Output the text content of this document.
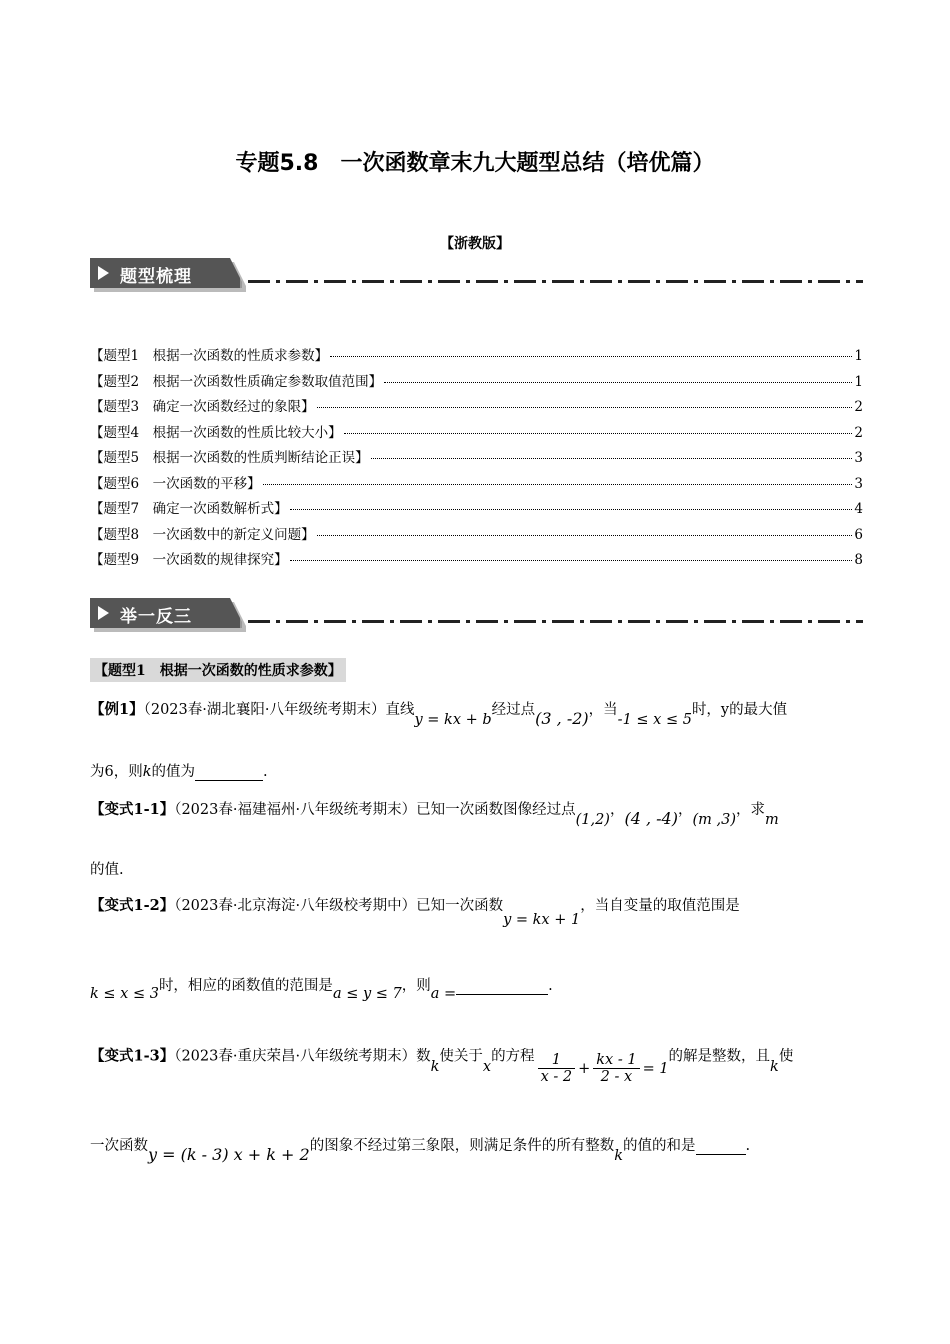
专题5.8　一次函数章末九大题型总结（培优篇）
【浙教版】
题型梳理
【题型1　根据一次函数的性质求参数】	1
【题型2　根据一次函数性质确定参数取值范围】	1
【题型3　确定一次函数经过的象限】	2
【题型4　根据一次函数的性质比较大小】	2
【题型5　根据一次函数的性质判断结论正误】	3
【题型6　一次函数的平移】	3
【题型7　确定一次函数解析式】	4
【题型8　一次函数中的新定义问题】	6
【题型9　一次函数的规律探究】	8
举一反三
【题型1　根据一次函数的性质求参数】
【例1】（2023春·湖北襄阳·八年级统考期末）直线y = kx + b经过点(3 , -2)，当-1 ≤ x ≤ 5时，y的最大值
为6，则k的值为	.
【变式1-1】（2023春·福建福州·八年级统考期末）已知一次函数图像经过点(1,2)，(4 , -4)，(m ,3)，求m
的值.
【变式1-2】（2023春·北京海淀·八年级校考期中）已知一次函数y = kx + 1，当自变量的取值范围是
k ≤ x ≤ 3时，相应的函数值的范围是a ≤ y ≤ 7，则a =	.
【变式1-3】（2023春·重庆荣昌·八年级统考期末）数k使关于x的方程 $\frac{1}{x - 2} + \frac{kx - 1}{2 - x} = 1$的解是整数，且k使
一次函数y = (k - 3) x + k + 2的图象不经过第三象限，则满足条件的所有整数k的值的和是	.
